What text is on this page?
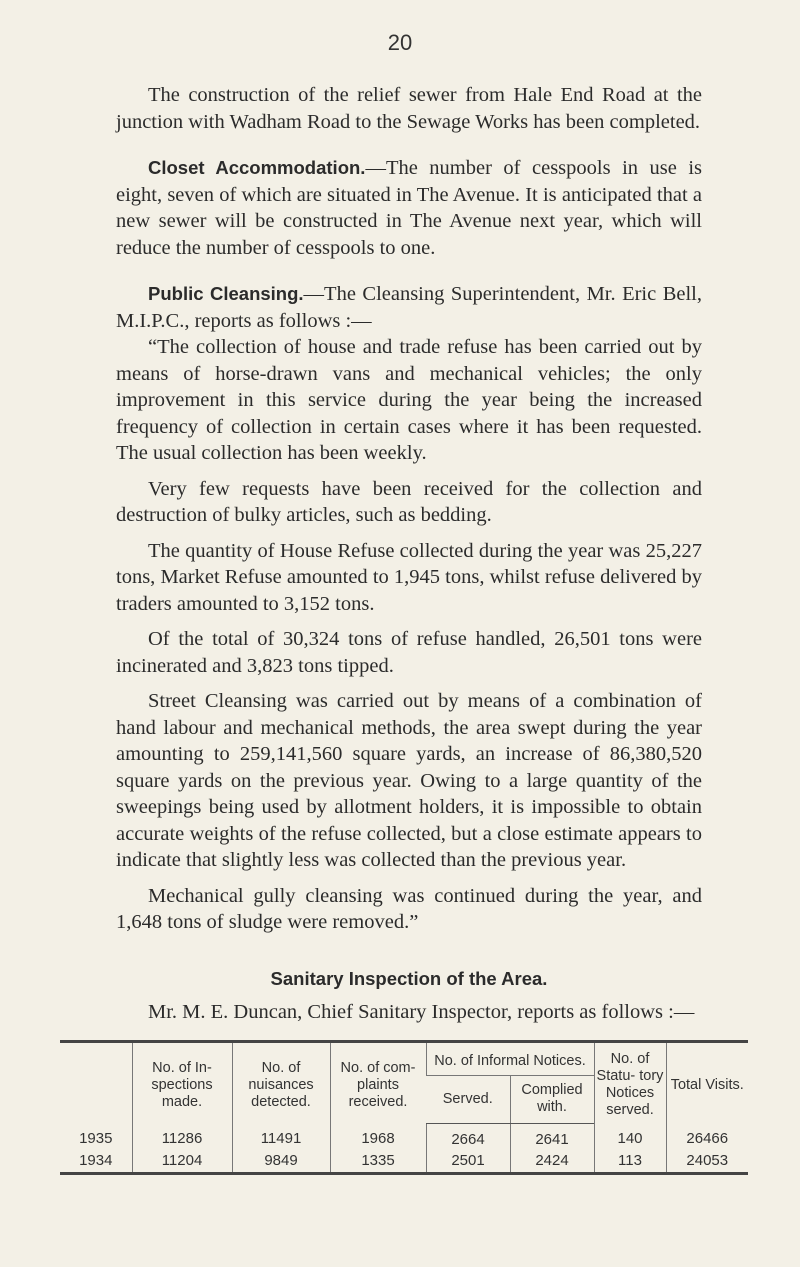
20

The construction of the relief sewer from Hale End Road at the junction with Wadham Road to the Sewage Works has been completed.

Closet Accommodation.—The number of cesspools in use is eight, seven of which are situated in The Avenue. It is anticipated that a new sewer will be constructed in The Avenue next year, which will reduce the number of cesspools to one.

Public Cleansing.—The Cleansing Superintendent, Mr. Eric Bell, M.I.P.C., reports as follows :—

“The collection of house and trade refuse has been carried out by means of horse-drawn vans and mechanical vehicles; the only improvement in this service during the year being the increased frequency of collection in certain cases where it has been requested. The usual collection has been weekly.

Very few requests have been received for the collection and destruction of bulky articles, such as bedding.

The quantity of House Refuse collected during the year was 25,227 tons, Market Refuse amounted to 1,945 tons, whilst refuse delivered by traders amounted to 3,152 tons.

Of the total of 30,324 tons of refuse handled, 26,501 tons were incinerated and 3,823 tons tipped.

Street Cleansing was carried out by means of a combination of hand labour and mechanical methods, the area swept during the year amounting to 259,141,560 square yards, an increase of 86,380,520 square yards on the previous year. Owing to a large quantity of the sweepings being used by allotment holders, it is impossible to obtain accurate weights of the refuse collected, but a close estimate appears to indicate that slightly less was collected than the previous year.

Mechanical gully cleansing was continued during the year, and 1,648 tons of sludge were removed.”

Sanitary Inspection of the Area.

Mr. M. E. Duncan, Chief Sanitary Inspector, reports as follows :—

	No. of In- spections made.	No. of nuisances detected.	No. of com- plaints received.	No. of Informal Notices.		No. of Statu- tory Notices served.	Total Visits.
				Served.	Complied with.		
1935	11286	11491	1968	2664	2641	140	26466
1934	11204	9849	1335	2501	2424	113	24053
